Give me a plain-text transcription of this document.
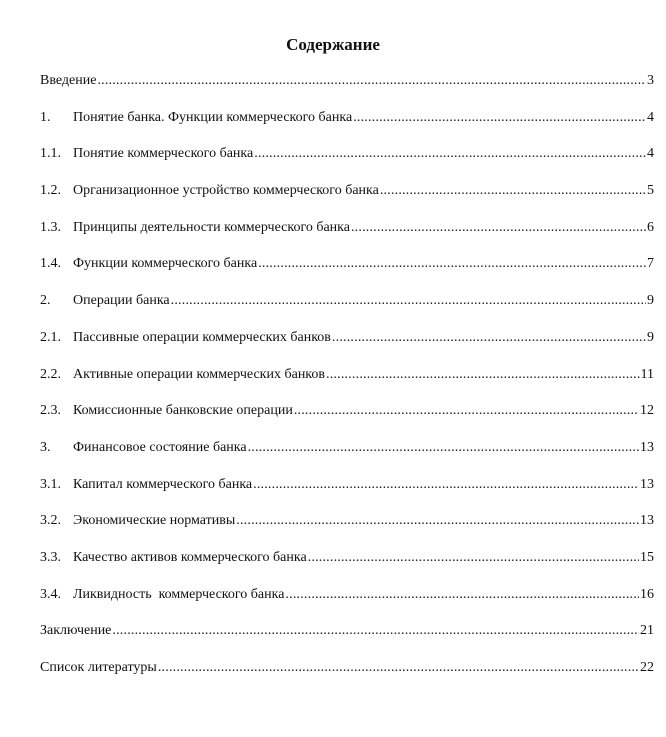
Содержание
Введение .....	3
1.	Понятие банка. Функции коммерческого банка .....	4
1.1. Понятие коммерческого банка .....	4
1.2. Организационное устройство коммерческого банка .....	5
1.3. Принципы деятельности коммерческого банка .....	6
1.4. Функции коммерческого банка .....	7
2.	Операции банка .....	9
2.1. Пассивные операции коммерческих банков .....	9
2.2. Активные операции коммерческих банков .....	11
2.3. Комиссионные банковские операции .....	12
3.	Финансовое состояние банка .....	13
3.1. Капитал коммерческого банка .....	13
3.2. Экономические нормативы .....	13
3.3. Качество активов коммерческого банка .....	15
3.4. Ликвидность  коммерческого банка .....	16
Заключение .....	21
Список литературы .....	22
